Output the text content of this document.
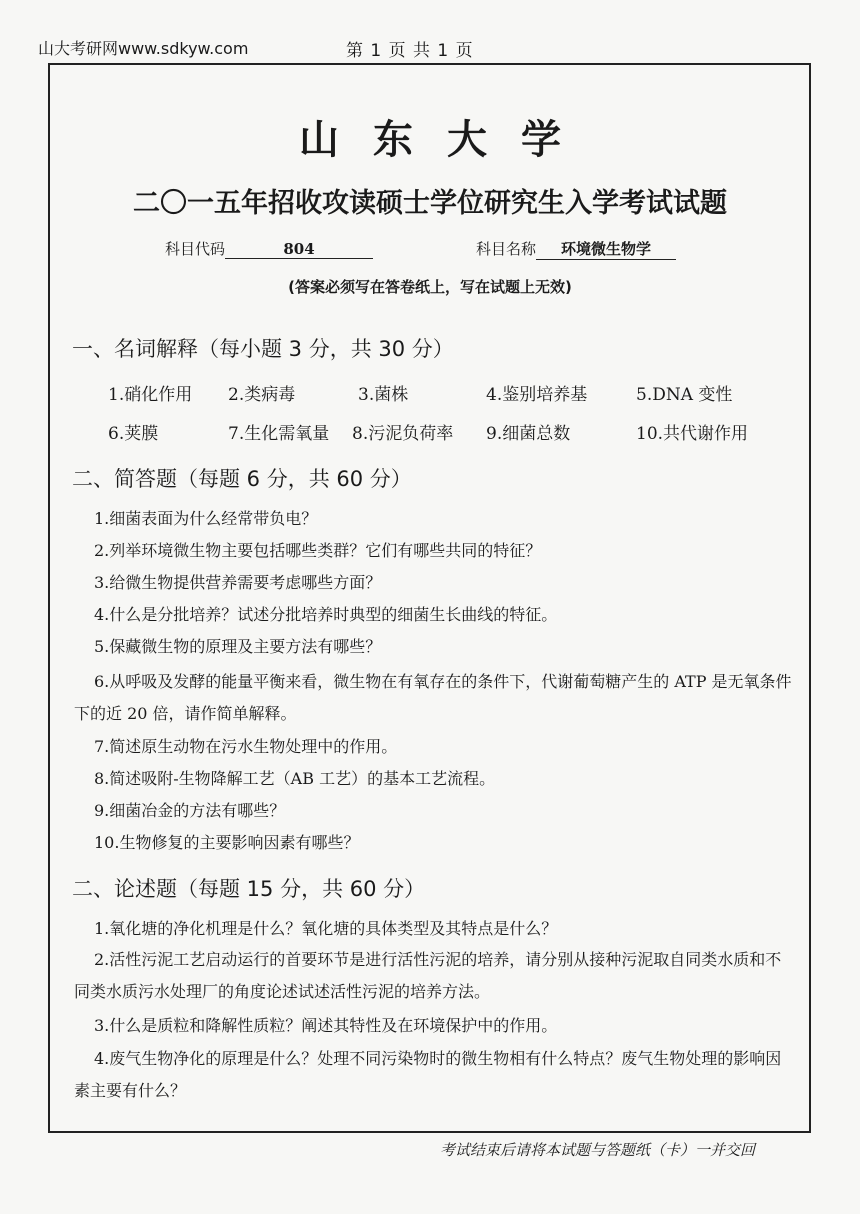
山大考研网www.sdkyw.com	第 1 页 共 1 页
山东大学
二〇一五年招收攻读硕士学位研究生入学考试试题
科目代码	804	科目名称 环境微生物学
(答案必须写在答卷纸上，写在试题上无效)
一、名词解释（每小题 3 分，共 30 分）
1.硝化作用 2.类病毒	3.菌株	4.鉴别培养基	5.DNA 变性
6.荚膜	7.生化需氧量 8.污泥负荷率 9.细菌总数	10.共代谢作用
二、简答题（每题 6 分，共 60 分）
1.细菌表面为什么经常带负电？
2.列举环境微生物主要包括哪些类群？它们有哪些共同的特征？
3.给微生物提供营养需要考虑哪些方面？
4.什么是分批培养？试述分批培养时典型的细菌生长曲线的特征。
5.保藏微生物的原理及主要方法有哪些？
6.从呼吸及发酵的能量平衡来看，微生物在有氧存在的条件下，代谢葡萄糖产生的 ATP 是无氧条件下的近 20 倍，请作简单解释。
7.简述原生动物在污水生物处理中的作用。
8.简述吸附-生物降解工艺（AB 工艺）的基本工艺流程。
9.细菌冶金的方法有哪些？
10.生物修复的主要影响因素有哪些？
二、论述题（每题 15 分，共 60 分）
1.氧化塘的净化机理是什么？氧化塘的具体类型及其特点是什么？
2.活性污泥工艺启动运行的首要环节是进行活性污泥的培养，请分别从接种污泥取自同类水质和不同类水质污水处理厂的角度论述试述活性污泥的培养方法。
3.什么是质粒和降解性质粒？阐述其特性及在环境保护中的作用。
4.废气生物净化的原理是什么？处理不同污染物时的微生物相有什么特点？废气生物处理的影响因素主要有什么？
考试结束后请将本试题与答题纸（卡）一并交回
